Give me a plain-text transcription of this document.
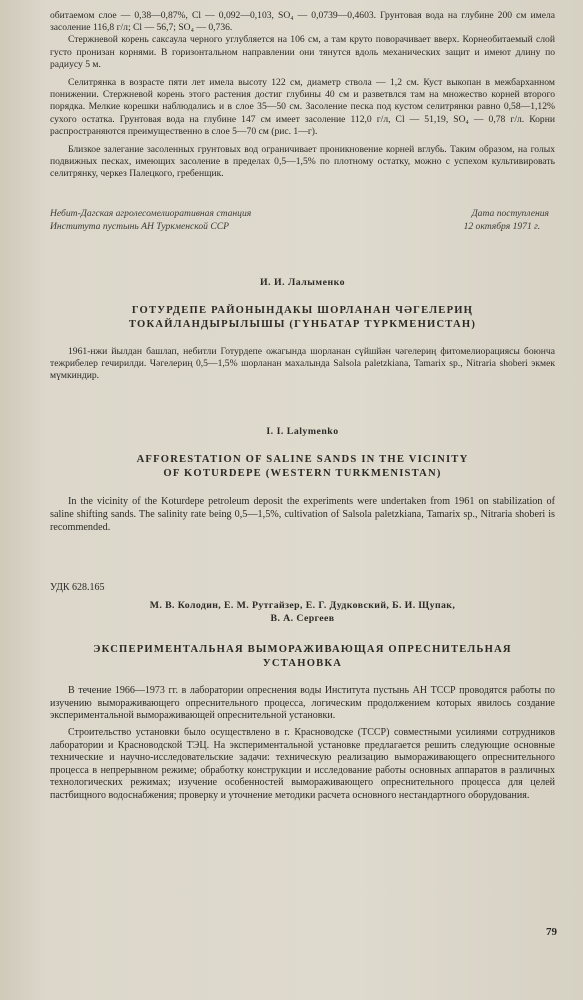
обитаемом слое — 0,38—0,87%, Cl — 0,092—0,103, SO₄ — 0,0739—0,4603. Грунтовая вода на глубине 200 см имела засоление 116,8 г/л; Cl — 56,7; SO₄ — 0,736.

Стержневой корень саксаула черного углубляется на 106 см, а там круто поворачивает вверх. Корнеобитаемый слой густо пронизан корнями. В горизонтальном направлении они тянутся вдоль механических защит и имеют длину по радиусу 5 м.

Селитрянка в возрасте пяти лет имела высоту 122 см, диаметр ствола — 1,2 см. Куст выкопан в межбарханном понижении. Стержневой корень этого растения достиг глубины 40 см и разветвлся там на множество корней второго порядка. Мелкие корешки наблюдались и в слое 35—50 см. Засоление песка под кустом селитрянки равно 0,58—1,12% сухого остатка. Грунтовая вода на глубине 147 см имеет засоление 112,0 г/л, Cl — 51,19, SO₄ — 0,78 г/л. Корни распространяются преимущественно в слое 5—70 см (рис. 1—г).

Близкое залегание засоленных грунтовых вод ограничивает проникновение корней вглубь. Таким образом, на голых подвижных песках, имеющих засоление в пределах 0,5—1,5% по плотному остатку, можно с успехом культивировать селитрянку, черкез Палецкого, гребенщик.

Небит-Дагская агролесомелиоративная станция
Института пустынь АН Туркменской ССР
Дата поступления
12 октября 1971 г.
И. И. Лалыменко
ГОТУРДЕПЕ РАЙОНЫНДАКЫ ШОРЛАНАН ЧӘГЕЛЕРИҢ
ТОКАЙЛАНДЫРЫЛЫШЫ (ГҮНБАТАР ТҮРКМЕНИСТАН)

1961-нжи йылдан башлап, небитли Готурдепе ожагында шорланан сүйшйән чәгелериң фитомелиорациясы боюнча тежрибелер гечирилди. Чәгелериң 0,5—1,5% шорланан махалында Salsola paletzkiana, Tamarix sp., Nitraria shoberi экмек мүмкиндир.

I. I. Lalymenko
AFFORESTATION OF SALINE SANDS IN THE VICINITY
OF KOTURDEPE (WESTERN TURKMENISTAN)

In the vicinity of the Koturdepe petroleum deposit the experiments were undertaken from 1961 on stabilization of saline shifting sands. The salinity rate being 0,5—1,5%, cultivation of Salsola paletzkiana, Tamarix sp., Nitraria shoberi is recommended.

УДК 628.165
М. В. Колодин, Е. М. Рутгайзер, Е. Г. Дудковский, Б. И. Щупак,
В. А. Сергеев
ЭКСПЕРИМЕНТАЛЬНАЯ ВЫМОРАЖИВАЮЩАЯ ОПРЕСНИТЕЛЬНАЯ
УСТАНОВКА

В течение 1966—1973 гг. в лаборатории опреснения воды Института пустынь АН ТССР проводятся работы по изучению вымораживающего опреснительного процесса, логическим продолжением которых явилось создание экспериментальной вымораживающей опреснительной установки.

Строительство установки было осуществлено в г. Красноводске (ТССР) совместными усилиями сотрудников лаборатории и Красноводской ТЭЦ. На экспериментальной установке предлагается решить следующие основные технические и научно-исследовательские задачи: техническую реализацию вымораживающего опреснительного процесса в непрерывном режиме; обработку конструкции и исследование работы основных аппаратов в различных технологических режимах; изучение особенностей вымораживающего опреснительного процесса для целей пастбищного водоснабжения; проверку и уточнение методики расчета основного нестандартного оборудования.

79
